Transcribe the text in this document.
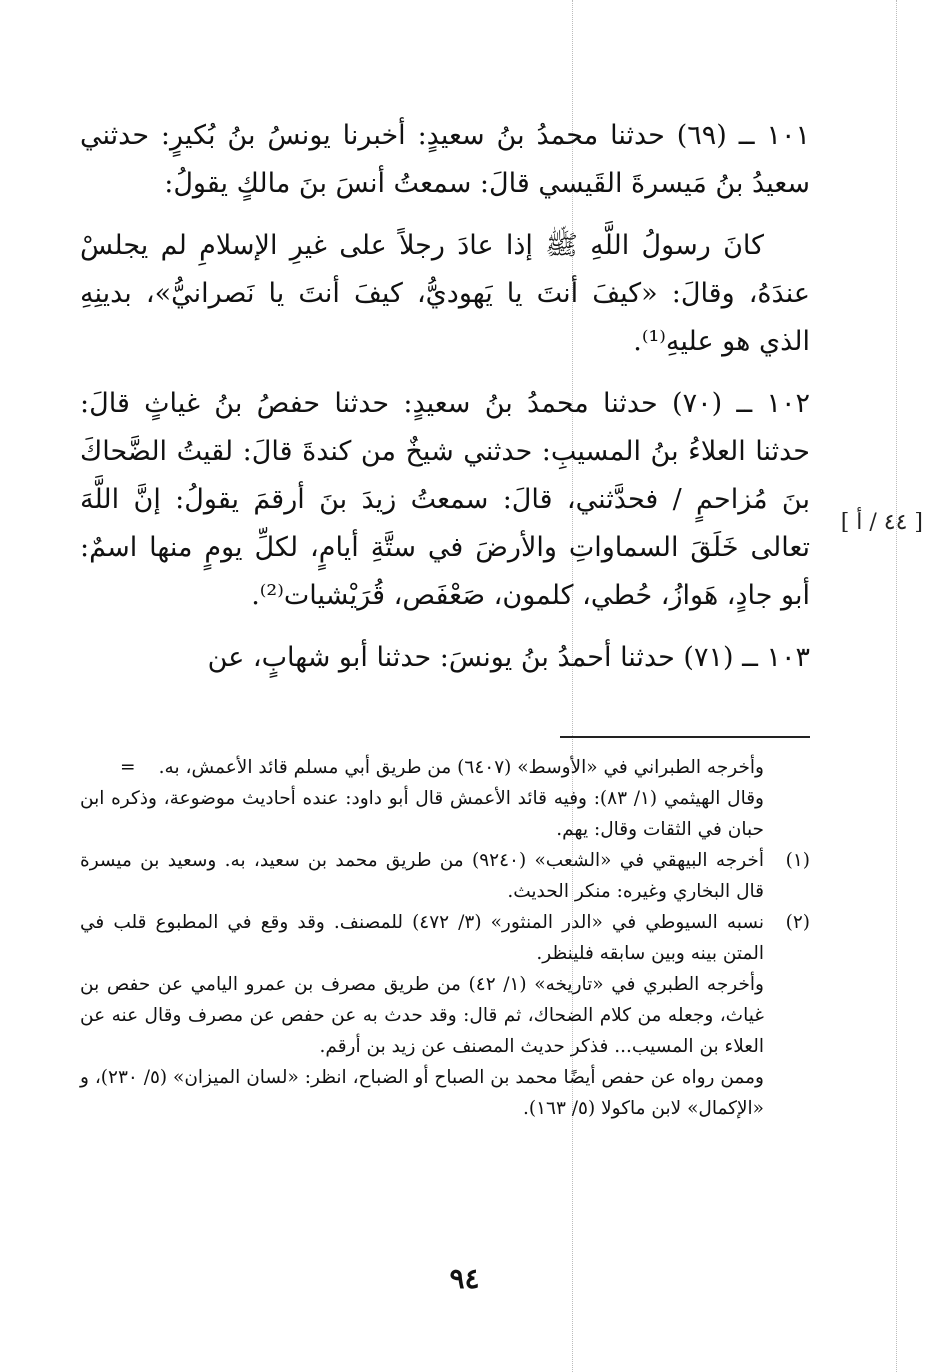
١٠١ ــ (٦٩) حدثنا محمدُ بنُ سعيدٍ: أخبرنا يونسُ بنُ بُكيرٍ: حدثني سعيدُ بنُ مَيسرةَ القَيسي قالَ: سمعتُ أنسَ بنَ مالكٍ يقولُ:

كانَ رسولُ اللَّهِ ﷺ إذا عادَ رجلاً على غيرِ الإسلامِ لم يجلسْ عندَهُ، وقالَ: «كيفَ أنتَ يا يَهوديُّ، كيفَ أنتَ يا نَصرانيُّ»، بدينِهِ الذي هو عليهِ⁽¹⁾.

١٠٢ ــ (٧٠) حدثنا محمدُ بنُ سعيدٍ: حدثنا حفصُ بنُ غياثٍ قالَ: حدثنا العلاءُ بنُ المسيبِ: حدثني شيخٌ من كندةَ قالَ: لقيتُ الضَّحاكَ بنَ مُزاحمٍ / فحدَّثني، قالَ: سمعتُ زيدَ بنَ أرقمَ يقولُ: إنَّ اللَّهَ تعالى خَلَقَ السماواتِ والأرضَ في ستَّةِ أيامٍ، لكلِّ يومٍ منها اسمٌ: أبو جادٍ، هَوازُ، حُطي، كلمون، صَعْفَص، قُرَيْشيات⁽²⁾.

١٠٣ ــ (٧١) حدثنا أحمدُ بنُ يونسَ: حدثنا أبو شهابٍ، عن

[ ٤٤ / أ ]
=	وأخرجه الطبراني في «الأوسط» (٦٤٠٧) من طريق أبي مسلم قائد الأعمش، به.
وقال الهيثمي (١/ ٨٣): وفيه قائد الأعمش قال أبو داود: عنده أحاديث موضوعة، وذكره ابن حبان في الثقات وقال: يهم.
(١)
أخرجه البيهقي في «الشعب» (٩٢٤٠) من طريق محمد بن سعيد، به. وسعيد بن ميسرة قال البخاري وغيره: منكر الحديث.
(٢)
نسبه السيوطي في «الدر المنثور» (٣/ ٤٧٢) للمصنف. وقد وقع في المطبوع قلب في المتن بينه وبين سابقه فلينظر.
وأخرجه الطبري في «تاريخه» (١/ ٤٢) من طريق مصرف بن عمرو اليامي عن حفص بن غياث، وجعله من كلام الضحاك، ثم قال: وقد حدث به عن حفص عن مصرف وقال عنه عن العلاء بن المسيب... فذكر حديث المصنف عن زيد بن أرقم.
وممن رواه عن حفص أيضًا محمد بن الصباح أو الضباح، انظر: «لسان الميزان» (٥/ ٢٣٠)، و «الإكمال» لابن ماكولا (٥/ ١٦٣).
٩٤
